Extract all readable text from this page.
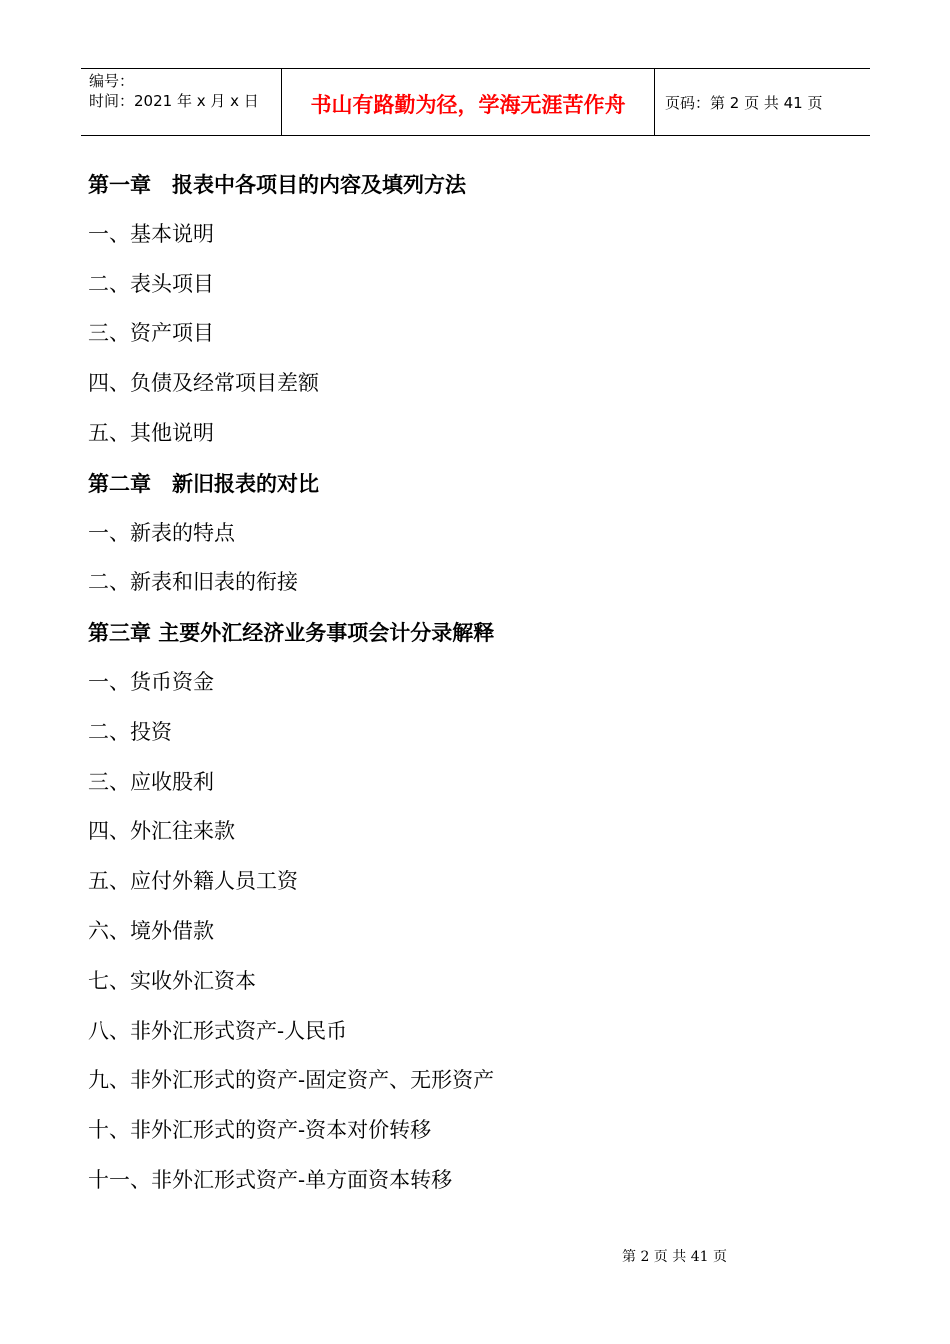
编号：
时间：2021 年 x 月 x 日	书山有路勤为径，学海无涯苦作舟	页码：第 2 页 共 41 页
第一章　报表中各项目的内容及填列方法
一、基本说明
二、表头项目
三、资产项目
四、负债及经常项目差额
五、其他说明
第二章　新旧报表的对比
一、新表的特点
二、新表和旧表的衔接
第三章 主要外汇经济业务事项会计分录解释
一、货币资金
二、投资
三、应收股利
四、外汇往来款
五、应付外籍人员工资
六、境外借款
七、实收外汇资本
八、非外汇形式资产-人民币
九、非外汇形式的资产-固定资产、无形资产
十、非外汇形式的资产-资本对价转移
十一、非外汇形式资产-单方面资本转移
第 2 页 共 41 页
